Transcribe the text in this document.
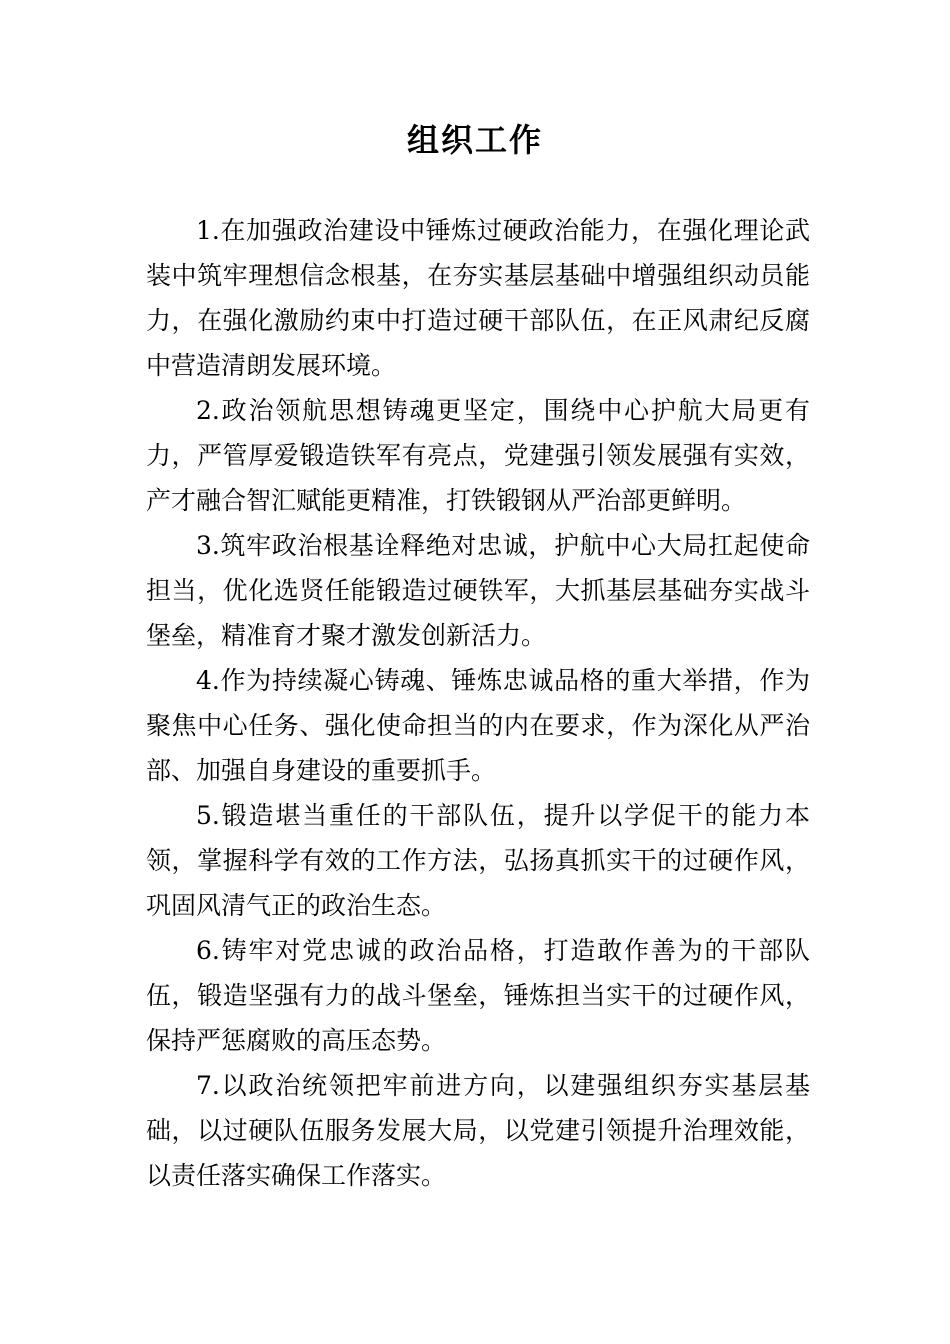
组织工作

1.在加强政治建设中锤炼过硬政治能力，在强化理论武装中筑牢理想信念根基，在夯实基层基础中增强组织动员能力，在强化激励约束中打造过硬干部队伍，在正风肃纪反腐中营造清朗发展环境。

2.政治领航思想铸魂更坚定，围绕中心护航大局更有力，严管厚爱锻造铁军有亮点，党建强引领发展强有实效，产才融合智汇赋能更精准，打铁锻钢从严治部更鲜明。

3.筑牢政治根基诠释绝对忠诚，护航中心大局扛起使命担当，优化选贤任能锻造过硬铁军，大抓基层基础夯实战斗堡垒，精准育才聚才激发创新活力。

4.作为持续凝心铸魂、锤炼忠诚品格的重大举措，作为聚焦中心任务、强化使命担当的内在要求，作为深化从严治部、加强自身建设的重要抓手。

5.锻造堪当重任的干部队伍，提升以学促干的能力本领，掌握科学有效的工作方法，弘扬真抓实干的过硬作风，巩固风清气正的政治生态。

6.铸牢对党忠诚的政治品格，打造敢作善为的干部队伍，锻造坚强有力的战斗堡垒，锤炼担当实干的过硬作风，保持严惩腐败的高压态势。

7.以政治统领把牢前进方向，以建强组织夯实基层基础，以过硬队伍服务发展大局，以党建引领提升治理效能，以责任落实确保工作落实。
